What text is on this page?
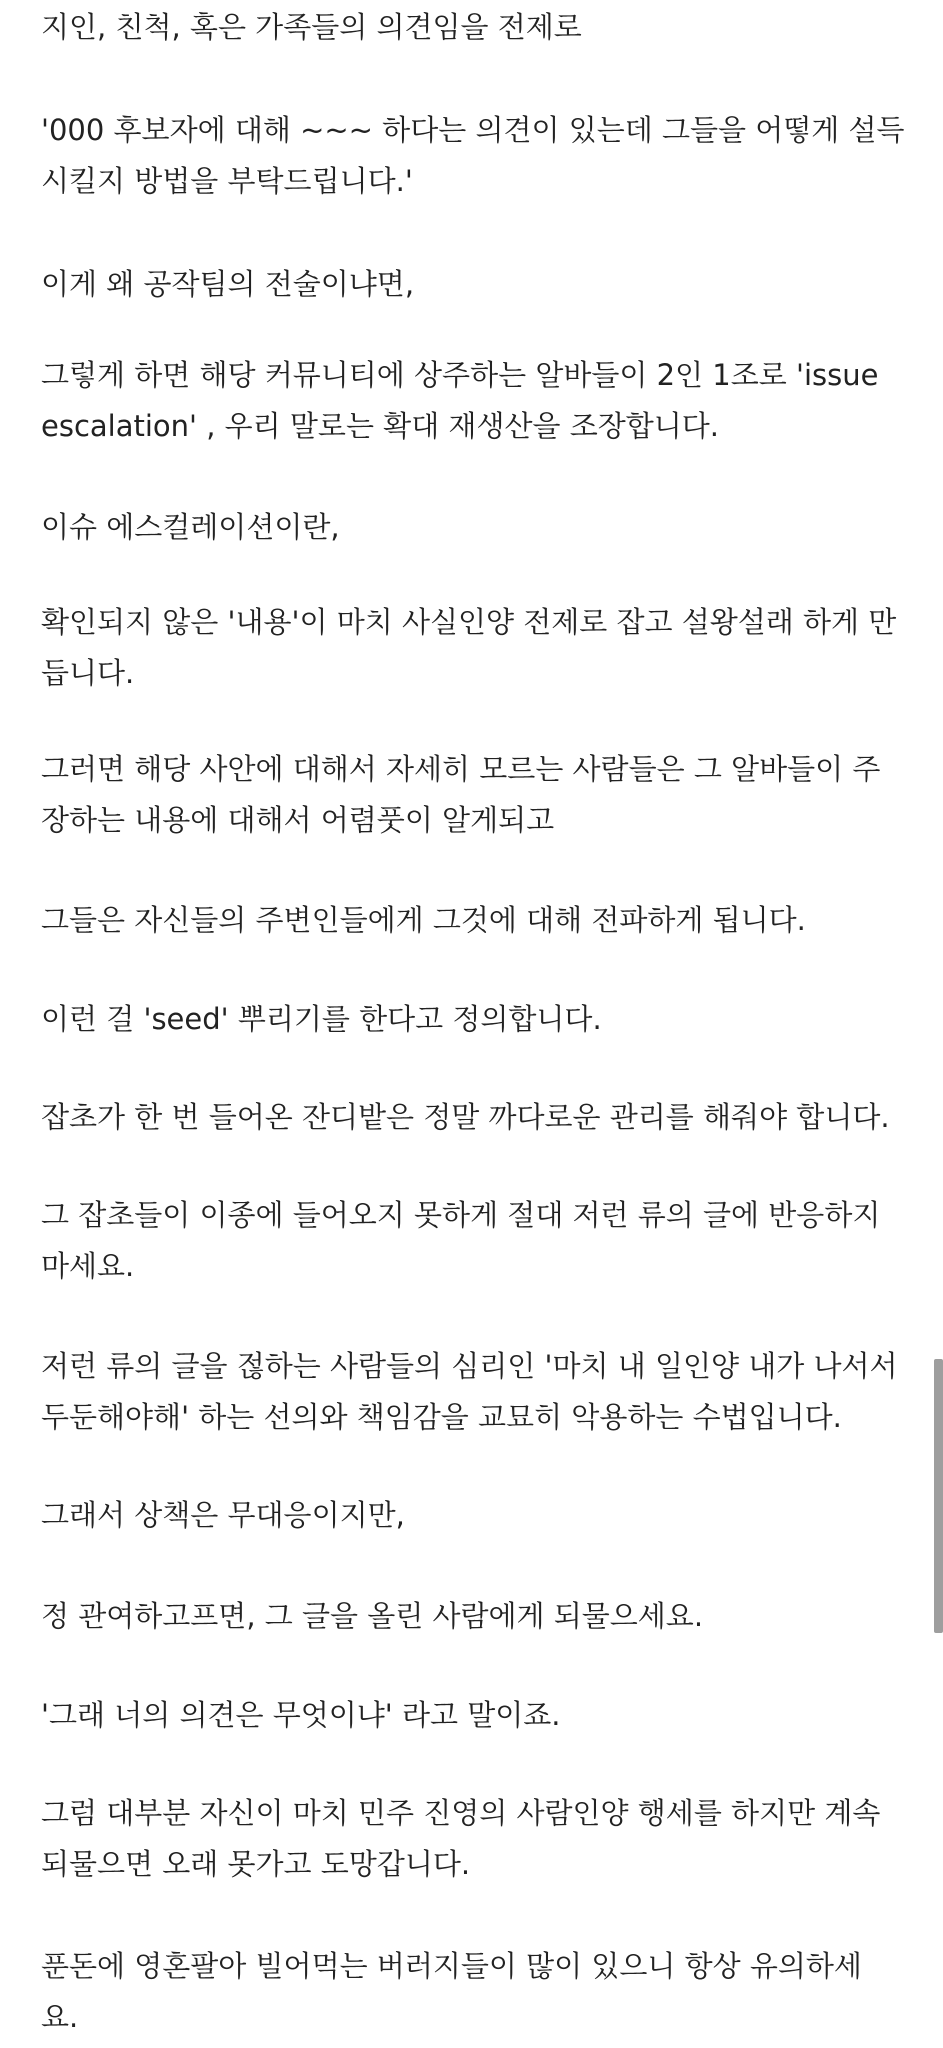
지인, 친척, 혹은 가족들의 의견임을 전제로

'000 후보자에 대해 ~~~ 하다는 의견이 있는데 그들을 어떻게 설득
시킬지 방법을 부탁드립니다.'

이게 왜 공작팀의 전술이냐면,

그렇게 하면 해당 커뮤니티에 상주하는 알바들이 2인 1조로 'issue
escalation' , 우리 말로는 확대 재생산을 조장합니다.

이슈 에스컬레이션이란,

확인되지 않은 '내용'이 마치 사실인양 전제로 잡고 설왕설래 하게 만
듭니다.

그러면 해당 사안에 대해서 자세히 모르는 사람들은 그 알바들이 주
장하는 내용에 대해서 어렴풋이 알게되고

그들은 자신들의 주변인들에게 그것에 대해 전파하게 됩니다.

이런 걸 'seed' 뿌리기를 한다고 정의합니다.

잡초가 한 번 들어온 잔디밭은 정말 까다로운 관리를 해줘야 합니다.

그 잡초들이 이종에 들어오지 못하게 절대 저런 류의 글에 반응하지
마세요.

저런 류의 글을 젆하는 사람들의 심리인 '마치 내 일인양 내가 나서서
두둔해야해' 하는 선의와 책임감을 교묘히 악용하는 수법입니다.

그래서 상책은 무대응이지만,

정 관여하고프면, 그 글을 올린 사람에게 되물으세요.

'그래 너의 의견은 무엇이냐' 라고 말이죠.

그럼 대부분 자신이 마치 민주 진영의 사람인양 행세를 하지만 계속
되물으면 오래 못가고 도망갑니다.

푼돈에 영혼팔아 빌어먹는 버러지들이 많이 있으니 항상 유의하세
요.
